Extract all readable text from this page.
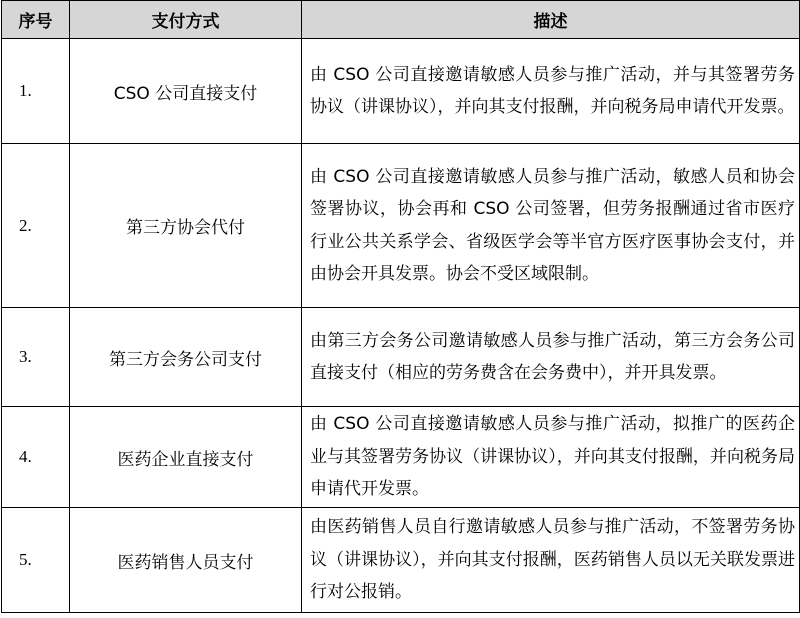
序号	支付方式	描述
1.	CSO 公司直接支付	由 CSO 公司直接邀请敏感人员参与推广活动，并与其签署劳务协议（讲课协议），并向其支付报酬，并向税务局申请代开发票。
2.	第三方协会代付	由 CSO 公司直接邀请敏感人员参与推广活动，敏感人员和协会签署协议，协会再和 CSO 公司签署，但劳务报酬通过省市医疗行业公共关系学会、省级医学会等半官方医疗医事协会支付，并由协会开具发票。协会不受区域限制。
3.	第三方会务公司支付	由第三方会务公司邀请敏感人员参与推广活动，第三方会务公司直接支付（相应的劳务费含在会务费中），并开具发票。
4.	医药企业直接支付	由 CSO 公司直接邀请敏感人员参与推广活动，拟推广的医药企业与其签署劳务协议（讲课协议），并向其支付报酬，并向税务局申请代开发票。
5.	医药销售人员支付	由医药销售人员自行邀请敏感人员参与推广活动，不签署劳务协议（讲课协议），并向其支付报酬，医药销售人员以无关联发票进行对公报销。
